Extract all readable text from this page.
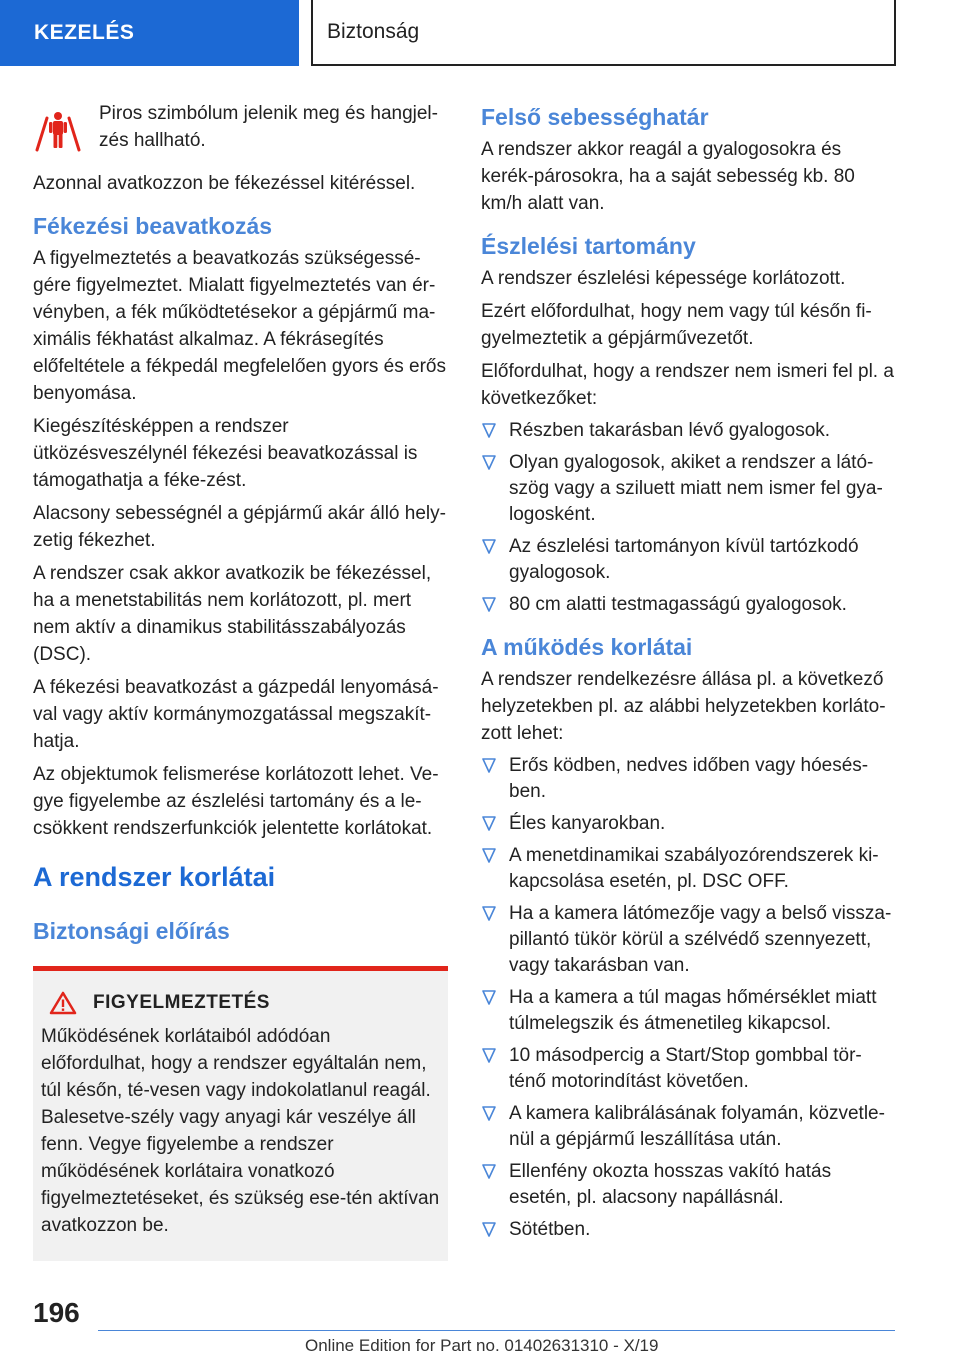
KEZELÉS	Biztonság

Piros szimbólum jelenik meg és hangjel-zés hallható.

Azonnal avatkozzon be fékezéssel kitéréssel.

Fékezési beavatkozás

A figyelmeztetés a beavatkozás szükségessé-gére figyelmeztet. Mialatt figyelmeztetés van ér-vényben, a fék működtetésekor a gépjármű ma-ximális fékhatást alkalmaz. A fékrásegítés előfeltétele a fékpedál megfelelően gyors és erős benyomása.

Kiegészítésképpen a rendszer ütközésveszélynél fékezési beavatkozással is támogathatja a féke-zést.

Alacsony sebességnél a gépjármű akár álló hely-zetig fékezhet.

A rendszer csak akkor avatkozik be fékezéssel, ha a menetstabilitás nem korlátozott, pl. mert nem aktív a dinamikus stabilitásszabályozás (DSC).

A fékezési beavatkozást a gázpedál lenyomásá-val vagy aktív kormánymozgatással megszakít-hatja.

Az objektumok felismerése korlátozott lehet. Ve-gye figyelembe az észlelési tartomány és a le-csökkent rendszerfunkciók jelentette korlátokat.

A rendszer korlátai
Biztonsági előírás
FIGYELMEZTETÉS

Működésének korlátaiból adódóan előfordulhat, hogy a rendszer egyáltalán nem, túl későn, té-vesen vagy indokolatlanul reagál. Balesetve-szély vagy anyagi kár veszélye áll fenn. Vegye figyelembe a rendszer működésének korlátaira vonatkozó figyelmeztetéseket, és szükség ese-tén aktívan avatkozzon be.

Felső sebességhatár

A rendszer akkor reagál a gyalogosokra és kerék-párosokra, ha a saját sebesség kb. 80 km/h alatt van.

Észlelési tartomány

A rendszer észlelési képessége korlátozott.

Ezért előfordulhat, hogy nem vagy túl későn fi-gyelmeztetik a gépjárművezetőt.

Előfordulhat, hogy a rendszer nem ismeri fel pl. a következőket:

Részben takarásban lévő gyalogosok.
Olyan gyalogosok, akiket a rendszer a látó-szög vagy a sziluett miatt nem ismer fel gya-logosként.
Az észlelési tartományon kívül tartózkodó gyalogosok.
80 cm alatti testmagasságú gyalogosok.
A működés korlátai

A rendszer rendelkezésre állása pl. a következő helyzetekben pl. az alábbi helyzetekben korláto-zott lehet:

Erős ködben, nedves időben vagy hóesés-ben.
Éles kanyarokban.
A menetdinamikai szabályozórendszerek ki-kapcsolása esetén, pl. DSC OFF.
Ha a kamera látómezője vagy a belső vissza-pillantó tükör körül a szélvédő szennyezett, vagy takarásban van.
Ha a kamera a túl magas hőmérséklet miatt túlmelegszik és átmenetileg kikapcsol.
10 másodpercig a Start/Stop gombbal tör-ténő motorindítást követően.
A kamera kalibrálásának folyamán, közvetle-nül a gépjármű leszállítása után.
Ellenfény okozta hosszas vakító hatás esetén, pl. alacsony napállásnál.
Sötétben.
196
Online Edition for Part no. 01402631310 - X/19
